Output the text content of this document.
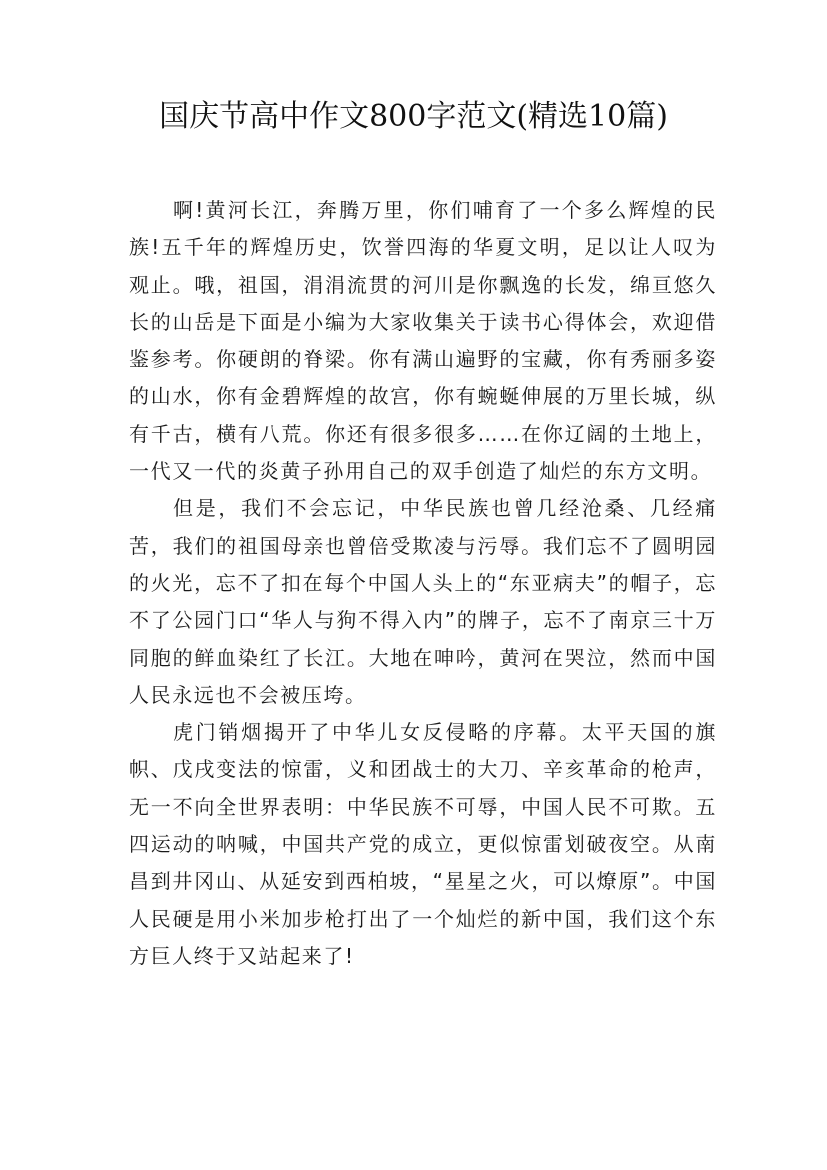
国庆节高中作文800字范文(精选10篇)

啊!黄河长江，奔腾万里，你们哺育了一个多么辉煌的民族!五千年的辉煌历史，饮誉四海的华夏文明，足以让人叹为观止。哦，祖国，涓涓流贯的河川是你飘逸的长发，绵亘悠久长的山岳是下面是小编为大家收集关于读书心得体会，欢迎借鉴参考。你硬朗的脊梁。你有满山遍野的宝藏，你有秀丽多姿的山水，你有金碧辉煌的故宫，你有蜿蜒伸展的万里长城，纵有千古，横有八荒。你还有很多很多……在你辽阔的土地上，一代又一代的炎黄子孙用自己的双手创造了灿烂的东方文明。

但是，我们不会忘记，中华民族也曾几经沧桑、几经痛苦，我们的祖国母亲也曾倍受欺凌与污辱。我们忘不了圆明园的火光，忘不了扣在每个中国人头上的“东亚病夫”的帽子，忘不了公园门口“华人与狗不得入内”的牌子，忘不了南京三十万同胞的鲜血染红了长江。大地在呻吟，黄河在哭泣，然而中国人民永远也不会被压垮。

虎门销烟揭开了中华儿女反侵略的序幕。太平天国的旗帜、戊戌变法的惊雷，义和团战士的大刀、辛亥革命的枪声，无一不向全世界表明：中华民族不可辱，中国人民不可欺。五四运动的呐喊，中国共产党的成立，更似惊雷划破夜空。从南昌到井冈山、从延安到西柏坡，“星星之火，可以燎原”。中国人民硬是用小米加步枪打出了一个灿烂的新中国，我们这个东方巨人终于又站起来了!
